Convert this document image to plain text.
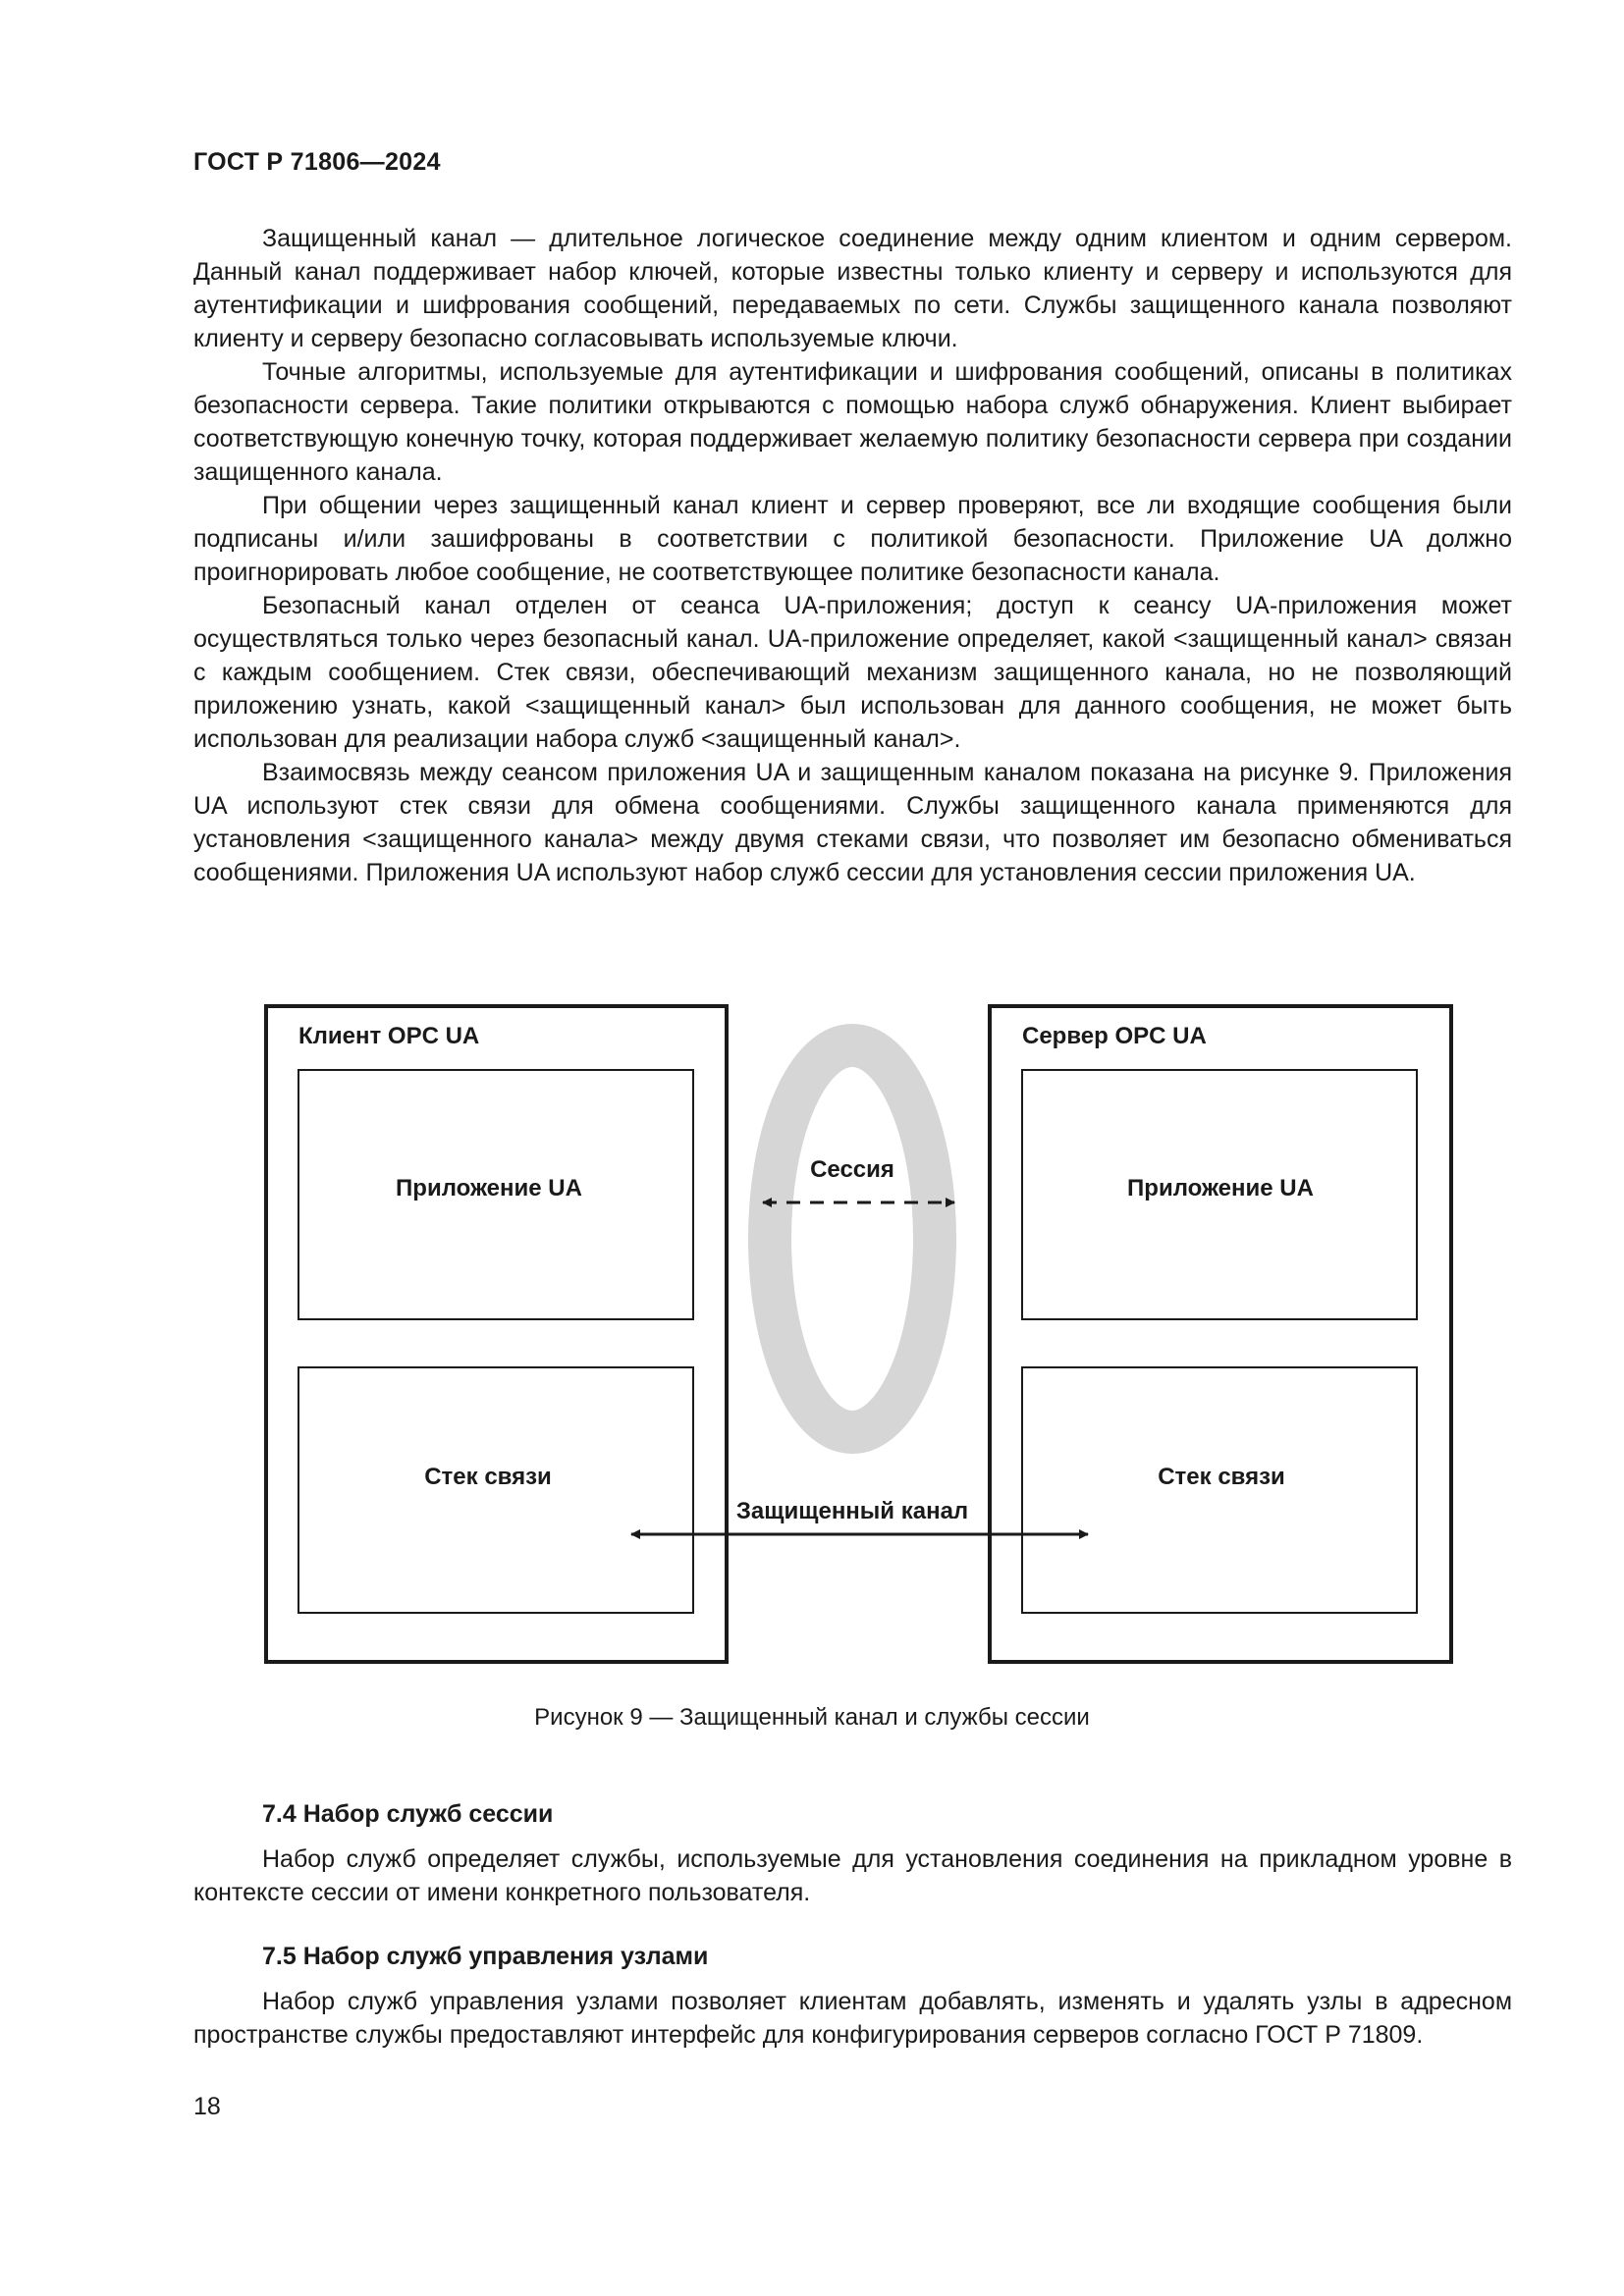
ГОСТ Р 71806—2024

Защищенный канал — длительное логическое соединение между одним клиентом и одним сервером. Данный канал поддерживает набор ключей, которые известны только клиенту и серверу и используются для аутентификации и шифрования сообщений, передаваемых по сети. Службы защищенного канала позволяют клиенту и серверу безопасно согласовывать используемые ключи.

Точные алгоритмы, используемые для аутентификации и шифрования сообщений, описаны в политиках безопасности сервера. Такие политики открываются с помощью набора служб обнаружения. Клиент выбирает соответствующую конечную точку, которая поддерживает желаемую политику безопасности сервера при создании защищенного канала.

При общении через защищенный канал клиент и сервер проверяют, все ли входящие сообщения были подписаны и/или зашифрованы в соответствии с политикой безопасности. Приложение UA должно проигнорировать любое сообщение, не соответствующее политике безопасности канала.

Безопасный канал отделен от сеанса UA-приложения; доступ к сеансу UA-приложения может осуществляться только через безопасный канал. UA-приложение определяет, какой <защищенный канал> связан с каждым сообщением. Стек связи, обеспечивающий механизм защищенного канала, но не позволяющий приложению узнать, какой <защищенный канал> был использован для данного сообщения, не может быть использован для реализации набора служб <защищенный канал>.

Взаимосвязь между сеансом приложения UA и защищенным каналом показана на рисунке 9. Приложения UA используют стек связи для обмена сообщениями. Службы защищенного канала применяются для установления <защищенного канала> между двумя стеками связи, что позволяет им безопасно обмениваться сообщениями. Приложения UA используют набор служб сессии для установления сессии приложения UA.

Клиент OPC UA
Приложение UA
Стек связи
Сервер OPC UA
Приложение UA
Стек связи
Сессия
Защищенный канал
Рисунок 9 — Защищенный канал и службы сессии
7.4 Набор служб сессии

Набор служб определяет службы, используемые для установления соединения на прикладном уровне в контексте сессии от имени конкретного пользователя.

7.5 Набор служб управления узлами

Набор служб управления узлами позволяет клиентам добавлять, изменять и удалять узлы в адресном пространстве службы предоставляют интерфейс для конфигурирования серверов согласно ГОСТ Р 71809.

18
